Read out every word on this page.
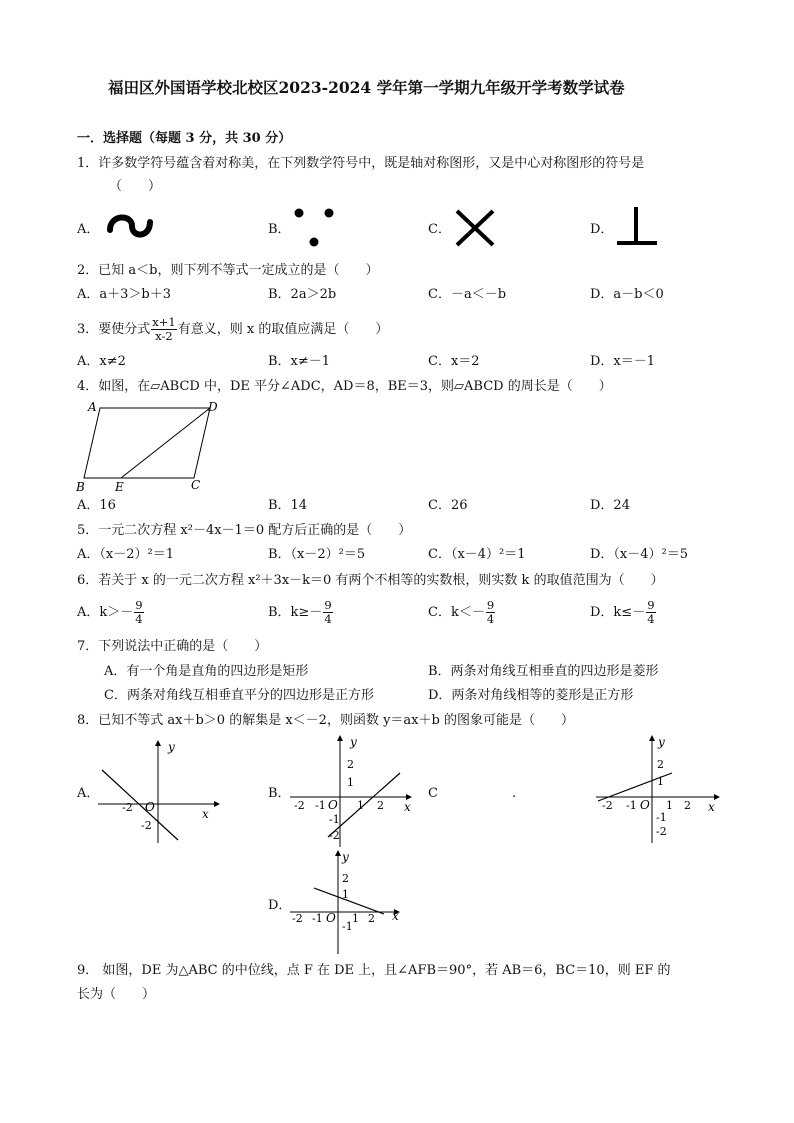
福田区外国语学校北校区2023-2024 学年第一学期九年级开学考数学试卷
一．选择题（每题 3 分，共 30 分）
1．许多数学符号蕴含着对称美，在下列数学符号中，既是轴对称图形，又是中心对称图形的符号是
（　　）
A．	B．	C．	D．
2．已知 a＜b，则下列不等式一定成立的是（　　）
A．a＋3＞b＋3	B．2a＞2b	C．－a＜－b	D．a－b＜0
3．要使分式 $\frac{x+1}{x-2}$ 有意义，则 x 的取值应满足（　　）
A．x≠2	B．x≠－1	C．x＝2	D．x＝－1
4．如图，在▱ABCD 中，DE 平分∠ADC，AD＝8，BE＝3，则▱ABCD 的周长是（　　）
A	D
B	E	C
A．16	B．14	C．26	D．24
5．一元二次方程 x²－4x－1＝0 配方后正确的是（　　）
A．（x－2）²＝1	B．（x－2）²＝5	C．（x－4）²＝1	D．（x－4）²＝5
6．若关于 x 的一元二次方程 x²＋3x－k＝0 有两个不相等的实数根，则实数 k 的取值范围为（　　）
A．$k>- \frac{9}{4}$	B．$k\ge- \frac{9}{4}$	C．$k<- \frac{9}{4}$	D．$k\le- \frac{9}{4}$
7．下列说法中正确的是（　　）
A．有一个角是直角的四边形是矩形	B．两条对角线互相垂直的四边形是菱形
C．两条对角线互相垂直平分的四边形是正方形	D．两条对角线相等的菱形是正方形
8．已知不等式 ax＋b＞0 的解集是 x＜－2，则函数 y＝ax＋b 的图象可能是（　　）
A．
y
x
O
-2
-2
B．
y
x
O
-2 -1	1 2
2
1
-1
-2
C	.
y
x
O
-2 -1	1 2
2
1
-1
-2
D．
y
x
O
-2 -1	1 2
2
1
-1
9． 如图，DE 为△ABC 的中位线，点 F 在 DE 上，且∠AFB＝90°，若 AB＝6，BC＝10，则 EF 的
长为（　　）
